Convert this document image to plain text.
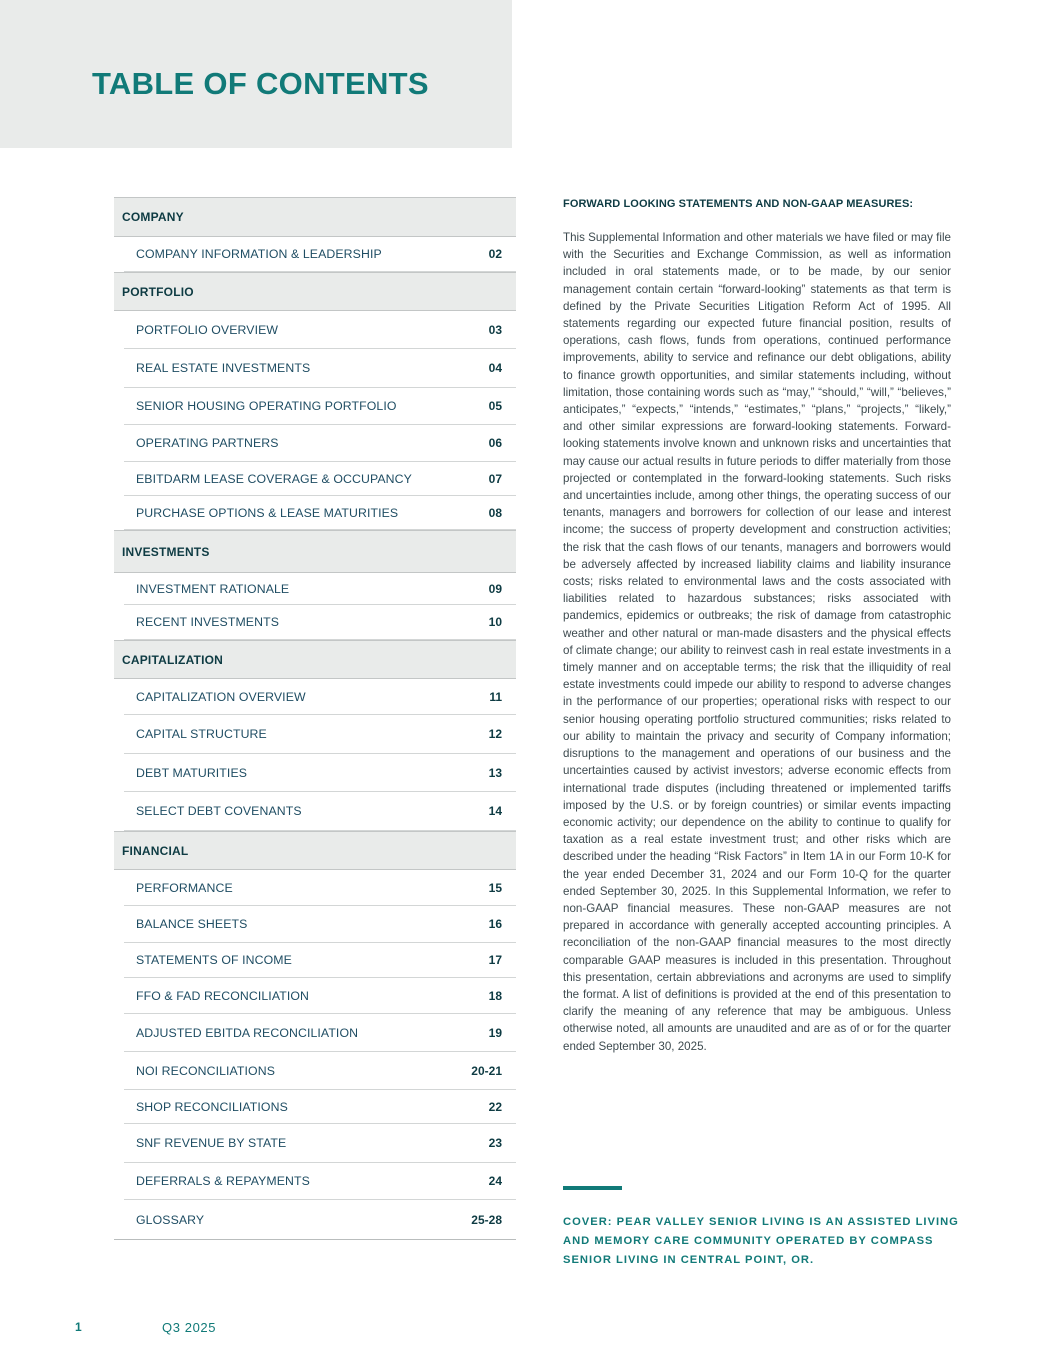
TABLE OF CONTENTS
COMPANY
COMPANY INFORMATION & LEADERSHIP	02
PORTFOLIO
PORTFOLIO OVERVIEW	03
REAL ESTATE INVESTMENTS	04
SENIOR HOUSING OPERATING PORTFOLIO	05
OPERATING PARTNERS	06
EBITDARM LEASE COVERAGE & OCCUPANCY	07
PURCHASE OPTIONS & LEASE MATURITIES	08
INVESTMENTS
INVESTMENT RATIONALE	09
RECENT INVESTMENTS	10
CAPITALIZATION
CAPITALIZATION OVERVIEW	11
CAPITAL STRUCTURE	12
DEBT MATURITIES	13
SELECT DEBT COVENANTS	14
FINANCIAL
PERFORMANCE	15
BALANCE SHEETS	16
STATEMENTS OF INCOME	17
FFO & FAD RECONCILIATION	18
ADJUSTED EBITDA RECONCILIATION	19
NOI RECONCILIATIONS	20-21
SHOP RECONCILIATIONS	22
SNF REVENUE BY STATE	23
DEFERRALS & REPAYMENTS	24
GLOSSARY	25-28
FORWARD LOOKING STATEMENTS AND NON-GAAP MEASURES:

This Supplemental Information and other materials we have filed or may file with the Securities and Exchange Commission, as well as information included in oral statements made, or to be made, by our senior management contain certain “forward-looking” statements as that term is defined by the Private Securities Litigation Reform Act of 1995. All statements regarding our expected future financial position, results of operations, cash flows, funds from operations, continued performance improvements, ability to service and refinance our debt obligations, ability to finance growth opportunities, and similar statements including, without limitation, those containing words such as “may,” “should,” “will,” “believes,” anticipates,” “expects,” “intends,” “estimates,” “plans,” “projects,” “likely,” and other similar expressions are forward-looking statements. Forward-looking statements involve known and unknown risks and uncertainties that may cause our actual results in future periods to differ materially from those projected or contemplated in the forward-looking statements. Such risks and uncertainties include, among other things, the operating success of our tenants, managers and borrowers for collection of our lease and interest income; the success of property development and construction activities; the risk that the cash flows of our tenants, managers and borrowers would be adversely affected by increased liability claims and liability insurance costs; risks related to environmental laws and the costs associated with liabilities related to hazardous substances; risks associated with pandemics, epidemics or outbreaks; the risk of damage from catastrophic weather and other natural or man-made disasters and the physical effects of climate change; our ability to reinvest cash in real estate investments in a timely manner and on acceptable terms; the risk that the illiquidity of real estate investments could impede our ability to respond to adverse changes in the performance of our properties; operational risks with respect to our senior housing operating portfolio structured communities; risks related to our ability to maintain the privacy and security of Company information; disruptions to the management and operations of our business and the uncertainties caused by activist investors; adverse economic effects from international trade disputes (including threatened or implemented tariffs imposed by the U.S. or by foreign countries) or similar events impacting economic activity; our dependence on the ability to continue to qualify for taxation as a real estate investment trust; and other risks which are described under the heading “Risk Factors” in Item 1A in our Form 10-K for the year ended December 31, 2024 and our Form 10-Q for the quarter ended September 30, 2025. In this Supplemental Information, we refer to non-GAAP financial measures. These non-GAAP measures are not prepared in accordance with generally accepted accounting principles. A reconciliation of the non-GAAP financial measures to the most directly comparable GAAP measures is included in this presentation. Throughout this presentation, certain abbreviations and acronyms are used to simplify the format. A list of definitions is provided at the end of this presentation to clarify the meaning of any reference that may be ambiguous. Unless otherwise noted, all amounts are unaudited and are as of or for the quarter ended September 30, 2025.

COVER: PEAR VALLEY SENIOR LIVING IS AN ASSISTED LIVING AND MEMORY CARE COMMUNITY OPERATED BY COMPASS SENIOR LIVING IN CENTRAL POINT, OR.

1	Q3 2025
